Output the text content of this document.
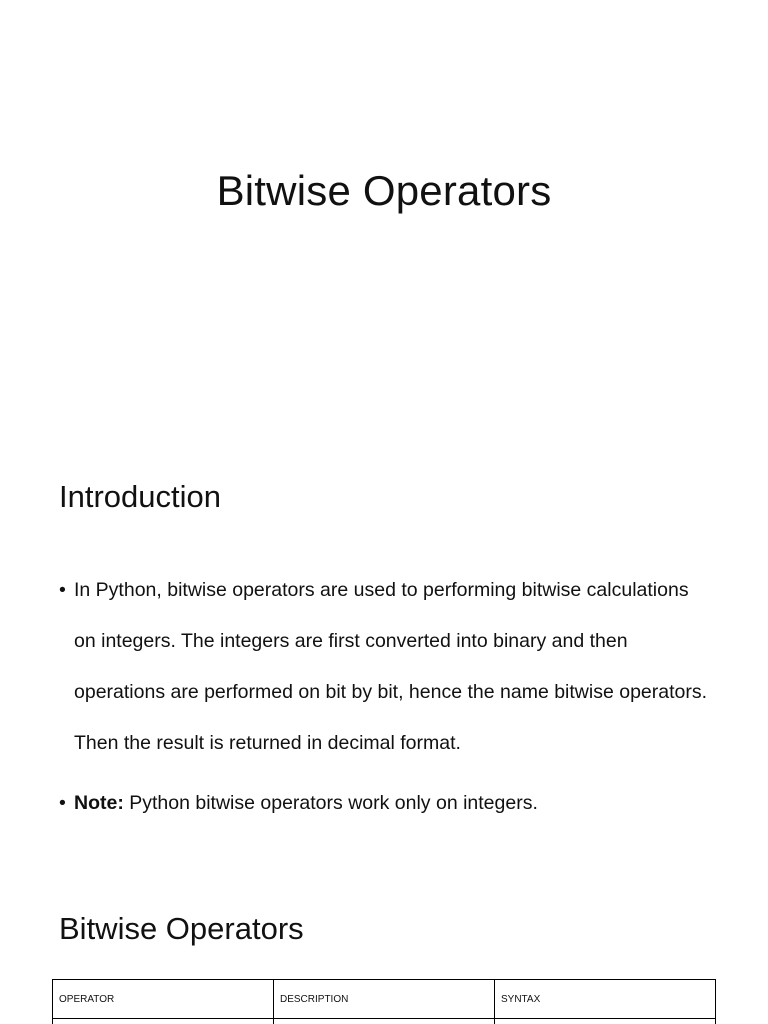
Bitwise Operators
Introduction
• In Python, bitwise operators are used to performing bitwise calculations on integers. The integers are first converted into binary and then operations are performed on bit by bit, hence the name bitwise operators. Then the result is returned in decimal format.
• Note: Python bitwise operators work only on integers.
Bitwise Operators
OPERATOR	DESCRIPTION	SYNTAX
